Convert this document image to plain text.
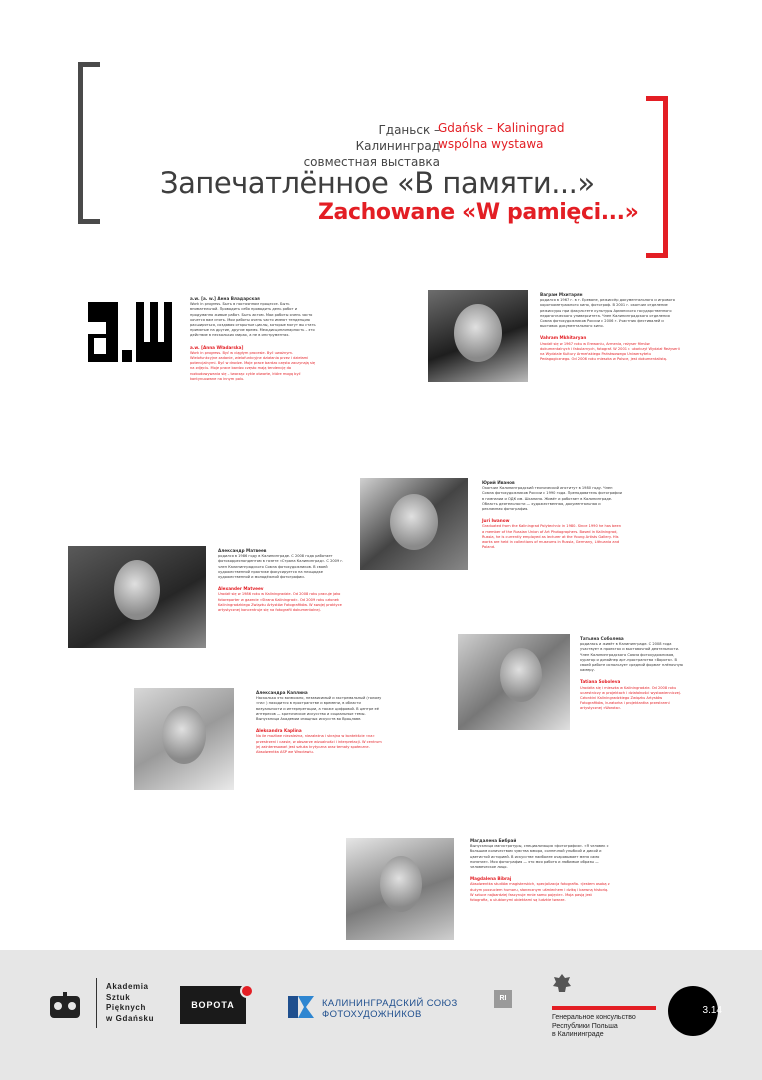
Гданьск – Калининград
совместная выставка
Gdańsk – Kaliningrad
wspólna wystawa
Запечатлённое «В памяти...»
Zachowane «W pamięci...»
a.w.
a.w. [a. w.] Анна Владарская
Work in progress. Быть в постоянном процессе. Быть внимательной. Проводить себя проводить день работ и продуманно живые работ. Быть актом. Мои работы очень часто хочется вам снять. Мои работы очень часто имеют тенденцию расширяться, создавая открытые циклы, которые могут вы стать примятые на другие, другие время. Междисциплинарность – это действие в нескольких мирах, а не в инструментах.
a.w. [Anna Władarska]
Work in progress. Być w ciągłym procesie. Być uważnym. Wielofunkcyjne zadanie, wielofunkcyjne działania przez i dziełami potencjalnymi. Być w drodze. Moje prace bardzo często zaczynają się na zdjęciu. Moje prace bardzo często mają tendencję do rozbudowywania się – tworząc cykle otwarte, które mogą być kontynuowane na innym polu.
Вагрaм Мхитарян
родился в 1967 г. в г. Ереване, режиссёр документального и игрового короткометражного кино, фотограф. В 2001 г. окончил отделение режиссуры при факультете культуры Армянского государственного педагогического университета. Член Калининградского отделения Союза фотохудожников России с 2006 г. Участник фестивалей и выставок документального кино.
Vahram Mkhitaryan
Urodził się w 1967 roku w Erewaniu, Armenia, reżyser filmów dokumentalnych i fabularnych, fotograf. W 2001 r. ukończył Wydział Reżyserii na Wydziale Kultury Armeńskiego Państwowego Uniwersytetu Pedagogicznego. Od 2006 roku mieszka w Polsce, jest dokumentalistą.
Юрий Иванов
Окончил Калининградский технический институт в 1980 году. Член Союза фотохудожников России с 1990 года. Преподаватель фотографии в гимназии и ОДК им. Шкапина. Живёт и работает в Калининграде. Область деятельности — художественная, документальная и рекламная фотография.
Juri Iwanow
Graduated from the Kaliningrad Polytechnic in 1980. Since 1990 he has been a member of the Russian Union of Art Photographers. Based in Kaliningrad, Russia, he is currently employed as lecturer at the Young Artists Gallery. His works are held in collections of museums in Russia, Germany, Lithuania and Poland.
Александр Матвеев
родился в 1986 году в Калининграде. С 2008 года работает фотокорреспондентом в газете «Страна Калининград». С 2009 г. член Калининградского Союза фотохудожников. В своей художественной практике фокусируется на площадке художественной и молодёжной фотографии.
Alexander Matveev
Urodził się w 1986 roku w Kaliningradzie. Od 2008 roku pracuje jako fotoreporter w gazecie «Strana Kaliningrad». Od 2009 roku członek Kaliningradzkiego Związku Artystów Fotografików. W swojej praktyce artystycznej koncentruje się na fotografii dokumentalnej.
Татьяна Соболева
родилась и живёт в Калининграде. С 2008 года участвует в проектах и выставочной деятельности. Член Калининградского Союза фотохудожников, куратор и дизайнер арт-пространства «Ворота». В своей работе использует средний формат плёночную камеру.
Tatiana Soboleva
Urodziła się i mieszka w Kaliningradzie. Od 2008 roku uczestniczy w projektach i działalności wystawienniczej. Członkini Kaliningradzkiego Związku Artystów Fotografików, kuratorka i projektantka przestrzeni artystycznej «Worota».
Александра Каплина
Насколько это возможно, независимый и экстремальный (голому «на» ) находится в пространстве и времени, в области визуальности и интерпретации, а также цифровой. В центре её интересов — критическое искусство и социальные темы. Выпускница Академии изящных искусств во Вроцлаве.
Aleksandra Kaplina
Na ile możliwe niezależna, niezależna i skrajna w kontekście «na» przestrzeni i czasie, w obszarze wizualności i interpretacji. W centrum jej zainteresowań jest sztuka krytyczna oraz tematy społeczne. Absolwentka ASP we Wrocławiu.
Магдалена Бибрай
Выпускница магистратуры, специализация «фотография». «Я человек с большим количеством чувства юмора, солнечной улыбкой и дикой и цветистой историей. В искусстве наиболее очаровывает меня само понятие». Моя фотография — это моя работа и любимые образы — человеческое лицо.
Magdalena Bibraj
Absolwentka studiów magisterskich, specjalizacja fotografia. «Jestem osobą z dużym poczuciem humoru, słonecznym uśmiechem i dziką i barwną historią. W sztuce najbardziej fascynuje mnie samo pojęcie». Moja pasją jest fotografia, a ulubionymi obiektami są ludzkie twarze.
Akademia
Sztuk
Pięknych
w Gdańsku
ВОРОТА	КАЛИНИНГРАДСКИЙ СОЮЗ
ФОТОХУДОЖНИКОВ
RI
Генеральное консульство
Республики Польша
в Калининграде
3.14
